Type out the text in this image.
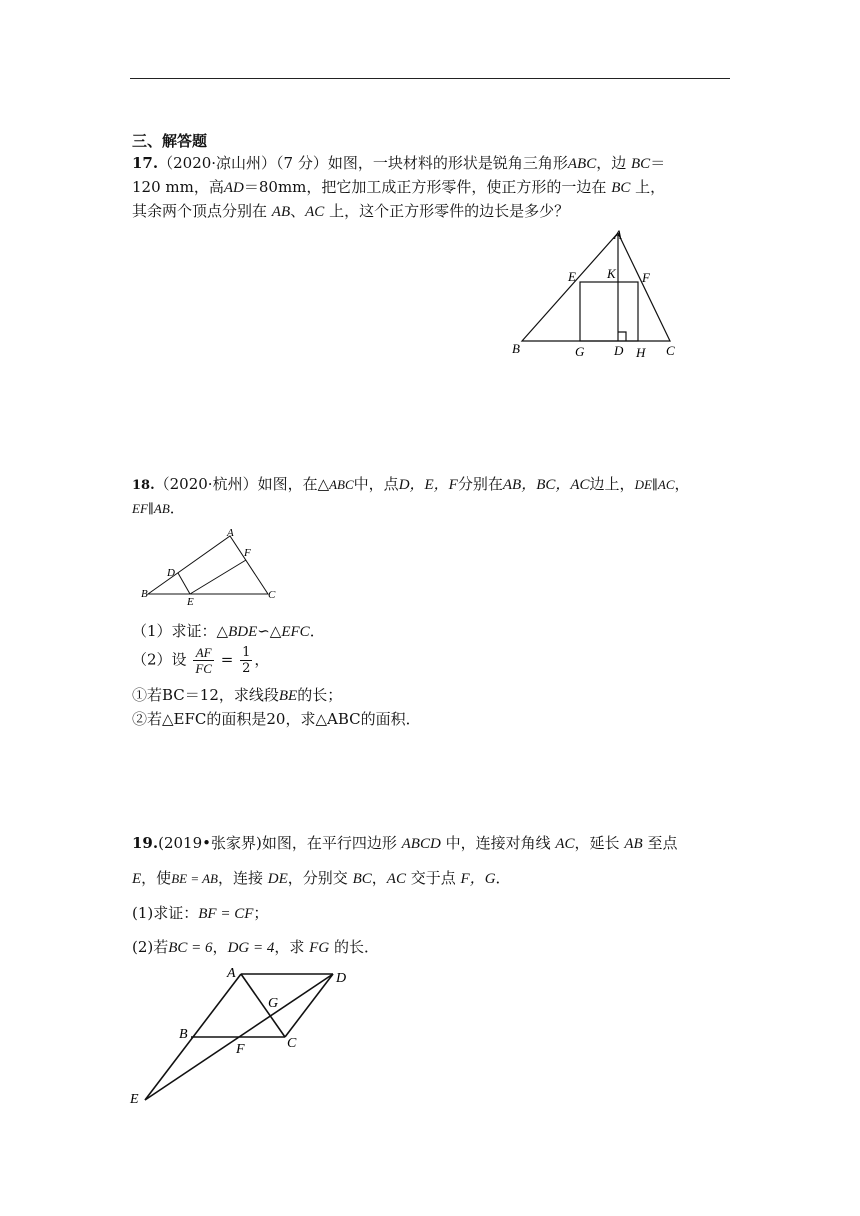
三、解答题
17.（2020·凉山州）（7 分）如图，一块材料的形状是锐角三角形ABC，边 BC＝
120 mm，高AD＝80mm，把它加工成正方形零件，使正方形的一边在 BC 上，
其余两个顶点分别在 AB、AC 上，这个正方形零件的边长是多少？
A
E K F
B	G D H C
18.（2020·杭州）如图，在△ABC中，点D，E，F分别在AB，BC，AC边上，DE∥AC，
EF∥AB．
A
F
D
B
E
C
（1）求证：△BDE∽△EFC．
（2）设 $\frac{AF}{FC} = \frac{1}{2}$ ，
①若BC＝12，求线段BE的长；
②若△EFC的面积是20，求△ABC的面积．
19.(2019•张家界)如图，在平行四边形 ABCD 中，连接对角线 AC，延长 AB 至点
E，使BE = AB，连接 DE，分别交 BC，AC 交于点 F，G．
(1)求证：BF = CF；
(2)若BC = 6，DG = 4，求 FG 的长．
A	D
G
B
C
F
E
